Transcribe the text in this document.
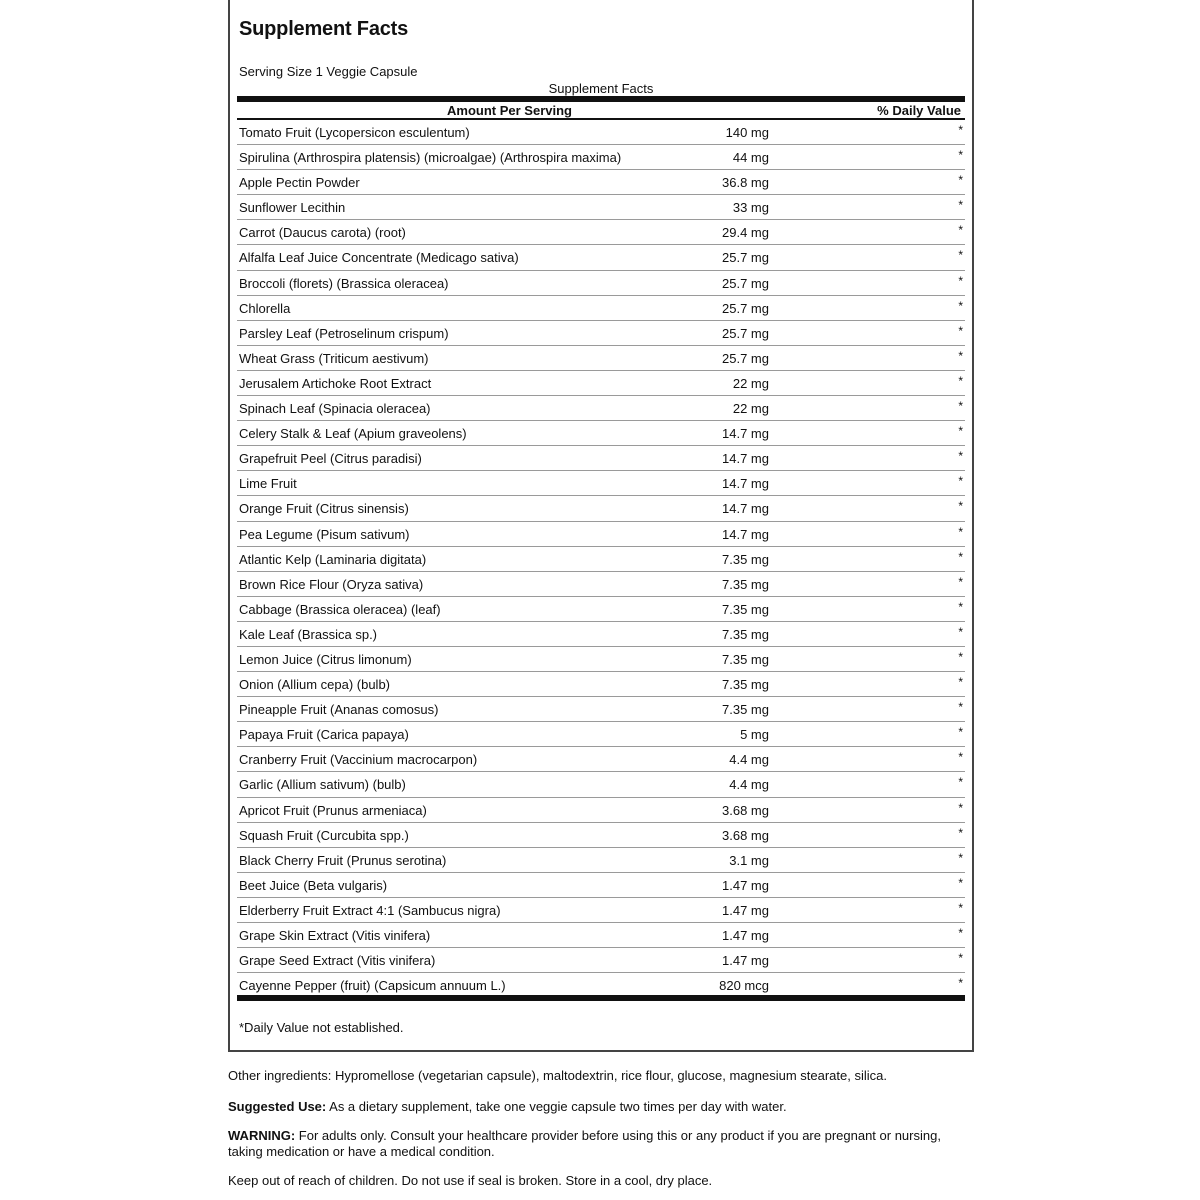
Supplement Facts
Serving Size 1 Veggie Capsule
Supplement Facts
Amount Per Serving	% Daily Value
Tomato Fruit (Lycopersicon esculentum)	140 mg	*
Spirulina (Arthrospira platensis) (microalgae) (Arthrospira maxima)	44 mg	*
Apple Pectin Powder	36.8 mg	*
Sunflower Lecithin	33 mg	*
Carrot (Daucus carota) (root)	29.4 mg	*
Alfalfa Leaf Juice Concentrate (Medicago sativa)	25.7 mg	*
Broccoli (florets) (Brassica oleracea)	25.7 mg	*
Chlorella	25.7 mg	*
Parsley Leaf (Petroselinum crispum)	25.7 mg	*
Wheat Grass (Triticum aestivum)	25.7 mg	*
Jerusalem Artichoke Root Extract	22 mg	*
Spinach Leaf (Spinacia oleracea)	22 mg	*
Celery Stalk & Leaf (Apium graveolens)	14.7 mg	*
Grapefruit Peel (Citrus paradisi)	14.7 mg	*
Lime Fruit	14.7 mg	*
Orange Fruit (Citrus sinensis)	14.7 mg	*
Pea Legume (Pisum sativum)	14.7 mg	*
Atlantic Kelp (Laminaria digitata)	7.35 mg	*
Brown Rice Flour (Oryza sativa)	7.35 mg	*
Cabbage (Brassica oleracea) (leaf)	7.35 mg	*
Kale Leaf (Brassica sp.)	7.35 mg	*
Lemon Juice (Citrus limonum)	7.35 mg	*
Onion (Allium cepa) (bulb)	7.35 mg	*
Pineapple Fruit (Ananas comosus)	7.35 mg	*
Papaya Fruit (Carica papaya)	5 mg	*
Cranberry Fruit (Vaccinium macrocarpon)	4.4 mg	*
Garlic (Allium sativum) (bulb)	4.4 mg	*
Apricot Fruit (Prunus armeniaca)	3.68 mg	*
Squash Fruit (Curcubita spp.)	3.68 mg	*
Black Cherry Fruit (Prunus serotina)	3.1 mg	*
Beet Juice (Beta vulgaris)	1.47 mg	*
Elderberry Fruit Extract 4:1 (Sambucus nigra)	1.47 mg	*
Grape Skin Extract (Vitis vinifera)	1.47 mg	*
Grape Seed Extract (Vitis vinifera)	1.47 mg	*
Cayenne Pepper (fruit) (Capsicum annuum L.)	820 mcg	*
*Daily Value not established.
Other ingredients: Hypromellose (vegetarian capsule), maltodextrin, rice flour, glucose, magnesium stearate, silica.
Suggested Use: As a dietary supplement, take one veggie capsule two times per day with water.
WARNING: For adults only. Consult your healthcare provider before using this or any product if you are pregnant or nursing, taking medication or have a medical condition.
Keep out of reach of children. Do not use if seal is broken. Store in a cool, dry place.
